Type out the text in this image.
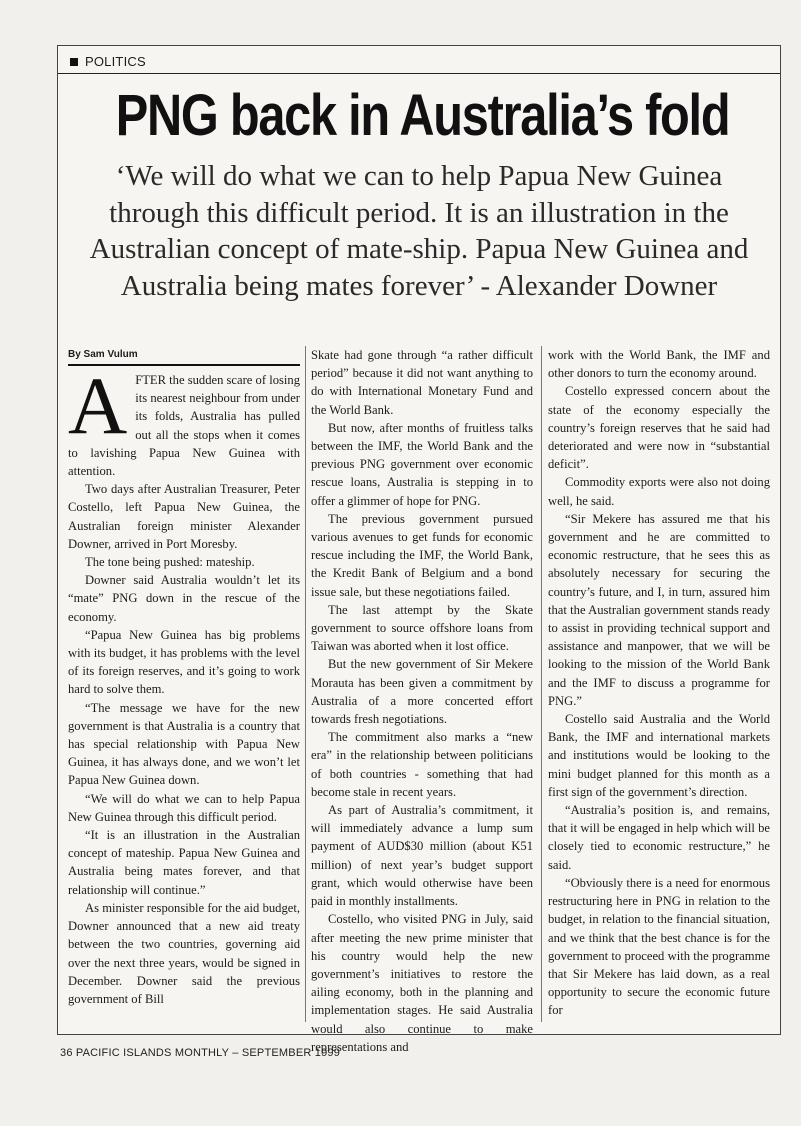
POLITICS
PNG back in Australia’s fold
‘We will do what we can to help Papua New Guinea through this difficult period. It is an illustration in the Australian concept of mate-ship. Papua New Guinea and Australia being mates forever’ - Alexander Downer
By Sam Vulum
A FTER the sudden scare of losing its nearest neighbour from under its folds, Australia has pulled out all the stops when it comes to lavishing Papua New Guinea with attention.

Two days after Australian Treasurer, Peter Costello, left Papua New Guinea, the Australian foreign minister Alexander Downer, arrived in Port Moresby.

The tone being pushed: mateship.

Downer said Australia wouldn’t let its “mate” PNG down in the rescue of the economy.

“Papua New Guinea has big problems with its budget, it has problems with the level of its foreign reserves, and it’s going to work hard to solve them.

“The message we have for the new government is that Australia is a country that has special relationship with Papua New Guinea, it has always done, and we won’t let Papua New Guinea down.

“We will do what we can to help Papua New Guinea through this difficult period.

“It is an illustration in the Australian concept of mateship. Papua New Guinea and Australia being mates forever, and that relationship will continue.”

As minister responsible for the aid budget, Downer announced that a new aid treaty between the two countries, governing aid over the next three years, would be signed in December. Downer said the previous government of Bill

Skate had gone through “a rather difficult period” because it did not want anything to do with International Monetary Fund and the World Bank.

But now, after months of fruitless talks between the IMF, the World Bank and the previous PNG government over economic rescue loans, Australia is stepping in to offer a glimmer of hope for PNG.

The previous government pursued various avenues to get funds for economic rescue including the IMF, the World Bank, the Kredit Bank of Belgium and a bond issue sale, but these negotiations failed.

The last attempt by the Skate government to source offshore loans from Taiwan was aborted when it lost office.

But the new government of Sir Mekere Morauta has been given a commitment by Australia of a more concerted effort towards fresh negotiations.

The commitment also marks a “new era” in the relationship between politicians of both countries - something that had become stale in recent years.

As part of Australia’s commitment, it will immediately advance a lump sum payment of AUD$30 million (about K51 million) of next year’s budget support grant, which would otherwise have been paid in monthly installments.

Costello, who visited PNG in July, said after meeting the new prime minister that his country would help the new government’s initiatives to restore the ailing economy, both in the planning and implementation stages. He said Australia would also continue to make representations and

work with the World Bank, the IMF and other donors to turn the economy around.

Costello expressed concern about the state of the economy especially the country’s foreign reserves that he said had deteriorated and were now in “substantial deficit”.

Commodity exports were also not doing well, he said.

“Sir Mekere has assured me that his government and he are committed to economic restructure, that he sees this as absolutely necessary for securing the country’s future, and I, in turn, assured him that the Australian government stands ready to assist in providing technical support and assistance and manpower, that we will be looking to the mission of the World Bank and the IMF to discuss a programme for PNG.”

Costello said Australia and the World Bank, the IMF and international markets and institutions would be looking to the mini budget planned for this month as a first sign of the government’s direction.

“Australia’s position is, and remains, that it will be engaged in help which will be closely tied to economic restructure,” he said.

“Obviously there is a need for enormous restructuring here in PNG in relation to the budget, in relation to the financial situation, and we think that the best chance is for the government to proceed with the programme that Sir Mekere has laid down, as a real opportunity to secure the economic future for

36 PACIFIC ISLANDS MONTHLY – SEPTEMBER 1999
